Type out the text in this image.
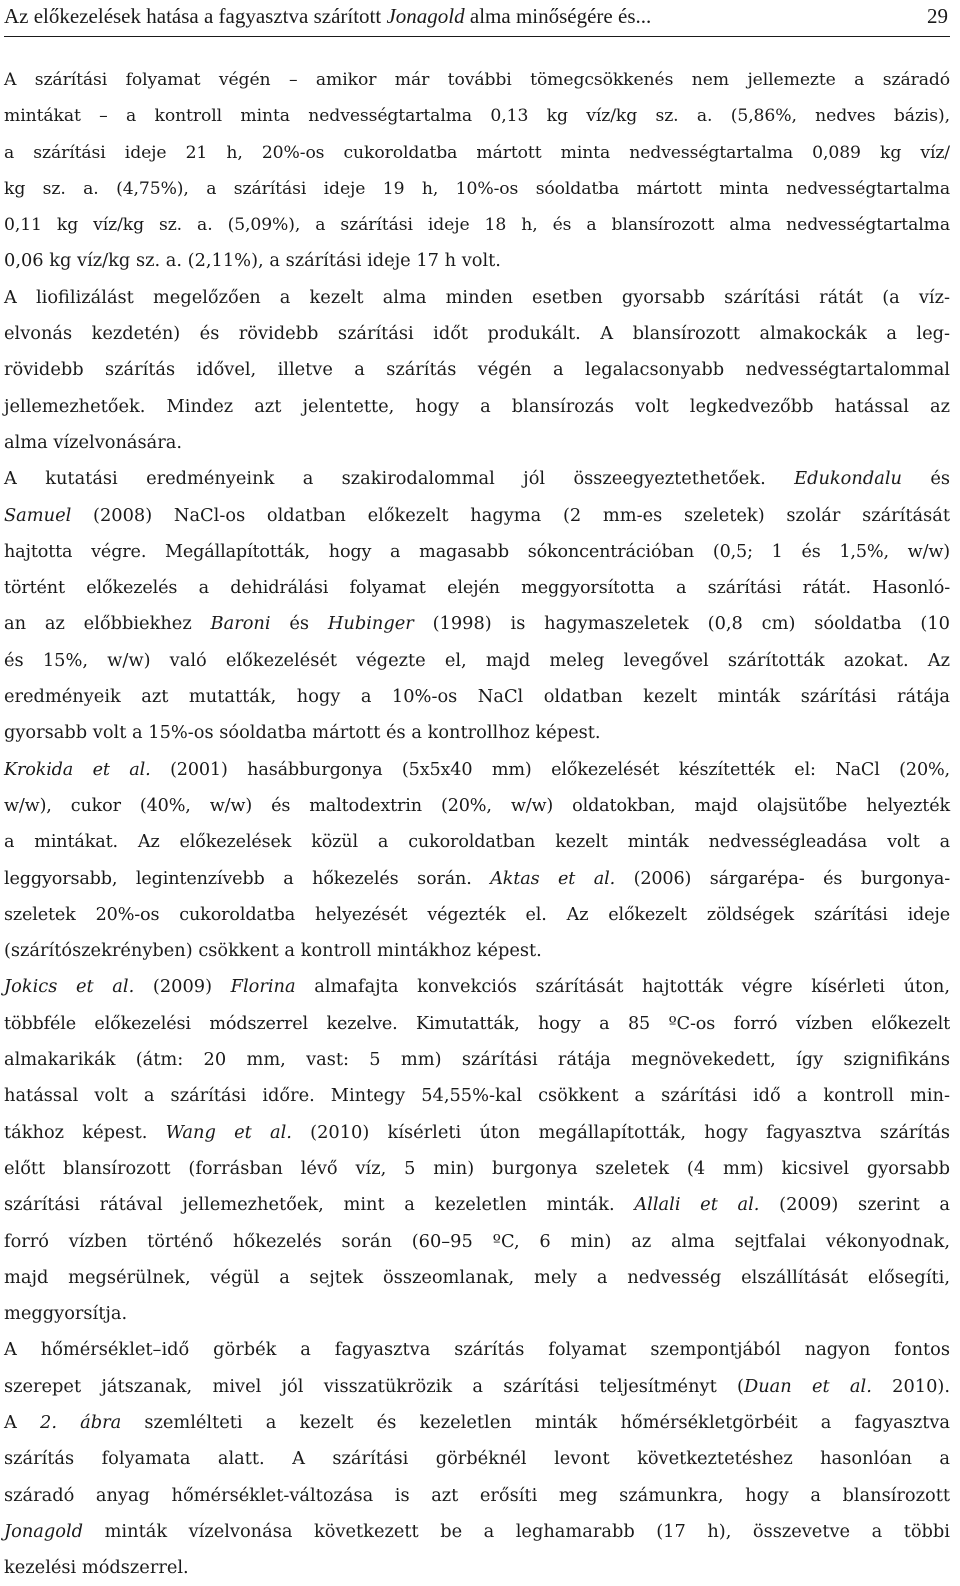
Az előkezelések hatása a fagyasztva szárított Jonagold alma minőségére és...	29
A szárítási folyamat végén – amikor már további tömegcsökkenés nem jellemezte a száradó
mintákat – a kontroll minta nedvességtartalma 0,13 kg víz/kg sz. a. (5,86%, nedves bázis),
a szárítási ideje 21 h, 20%-os cukoroldatba mártott minta nedvességtartalma 0,089 kg víz/
kg sz. a. (4,75%), a szárítási ideje 19 h, 10%-os sóoldatba mártott minta nedvességtartalma
0,11 kg víz/kg sz. a. (5,09%), a szárítási ideje 18 h, és a blansírozott alma nedvességtartalma
0,06 kg víz/kg sz. a. (2,11%), a szárítási ideje 17 h volt.
A liofilizálást megelőzően a kezelt alma minden esetben gyorsabb szárítási rátát (a víz-
elvonás kezdetén) és rövidebb szárítási időt produkált. A blansírozott almakockák a leg-
rövidebb szárítás idővel, illetve a szárítás végén a legalacsonyabb nedvességtartalommal
jellemezhetőek. Mindez azt jelentette, hogy a blansírozás volt legkedvezőbb hatással az
alma vízelvonására.
A kutatási eredményeink a szakirodalommal jól összeegyeztethetőek. Edukondalu és
Samuel (2008) NaCl-os oldatban előkezelt hagyma (2 mm-es szeletek) szolár szárítását
hajtotta végre. Megállapították, hogy a magasabb sókoncentrációban (0,5; 1 és 1,5%, w/w)
történt előkezelés a dehidrálási folyamat elején meggyorsította a szárítási rátát. Hasonló-
an az előbbiekhez Baroni és Hubinger (1998) is hagymaszeletek (0,8 cm) sóoldatba (10
és 15%, w/w) való előkezelését végezte el, majd meleg levegővel szárították azokat. Az
eredményeik azt mutatták, hogy a 10%-os NaCl oldatban kezelt minták szárítási rátája
gyorsabb volt a 15%-os sóoldatba mártott és a kontrollhoz képest.
Krokida et al. (2001) hasábburgonya (5x5x40 mm) előkezelését készítették el: NaCl (20%,
w/w), cukor (40%, w/w) és maltodextrin (20%, w/w) oldatokban, majd olajsütőbe helyezték
a mintákat. Az előkezelések közül a cukoroldatban kezelt minták nedvességleadása volt a
leggyorsabb, legintenzívebb a hőkezelés során. Aktas et al. (2006) sárgarépa- és burgonya-
szeletek 20%-os cukoroldatba helyezését végezték el. Az előkezelt zöldségek szárítási ideje
(szárítószekrényben) csökkent a kontroll mintákhoz képest.
Jokics et al. (2009) Florina almafajta konvekciós szárítását hajtották végre kísérleti úton,
többféle előkezelési módszerrel kezelve. Kimutatták, hogy a 85 ºC-os forró vízben előkezelt
almakarikák (átm: 20 mm, vast: 5 mm) szárítási rátája megnövekedett, így szignifikáns
hatással volt a szárítási időre. Mintegy 54,55%-kal csökkent a szárítási idő a kontroll min-
tákhoz képest. Wang et al. (2010) kísérleti úton megállapították, hogy fagyasztva szárítás
előtt blansírozott (forrásban lévő víz, 5 min) burgonya szeletek (4 mm) kicsivel gyorsabb
szárítási rátával jellemezhetőek, mint a kezeletlen minták. Allali et al. (2009) szerint a
forró vízben történő hőkezelés során (60–95 ºC, 6 min) az alma sejtfalai vékonyodnak,
majd megsérülnek, végül a sejtek összeomlanak, mely a nedvesség elszállítását elősegíti,
meggyorsítja.
A hőmérséklet–idő görbék a fagyasztva szárítás folyamat szempontjából nagyon fontos
szerepet játszanak, mivel jól visszatükrözik a szárítási teljesítményt (Duan et al. 2010).
A 2. ábra szemlélteti a kezelt és kezeletlen minták hőmérsékletgörbéit a fagyasztva
szárítás folyamata alatt. A szárítási görbéknél levont következtetéshez hasonlóan a
száradó anyag hőmérséklet-változása is azt erősíti meg számunkra, hogy a blansírozott
Jonagold minták vízelvonása következett be a leghamarabb (17 h), összevetve a többi
kezelési módszerrel.
